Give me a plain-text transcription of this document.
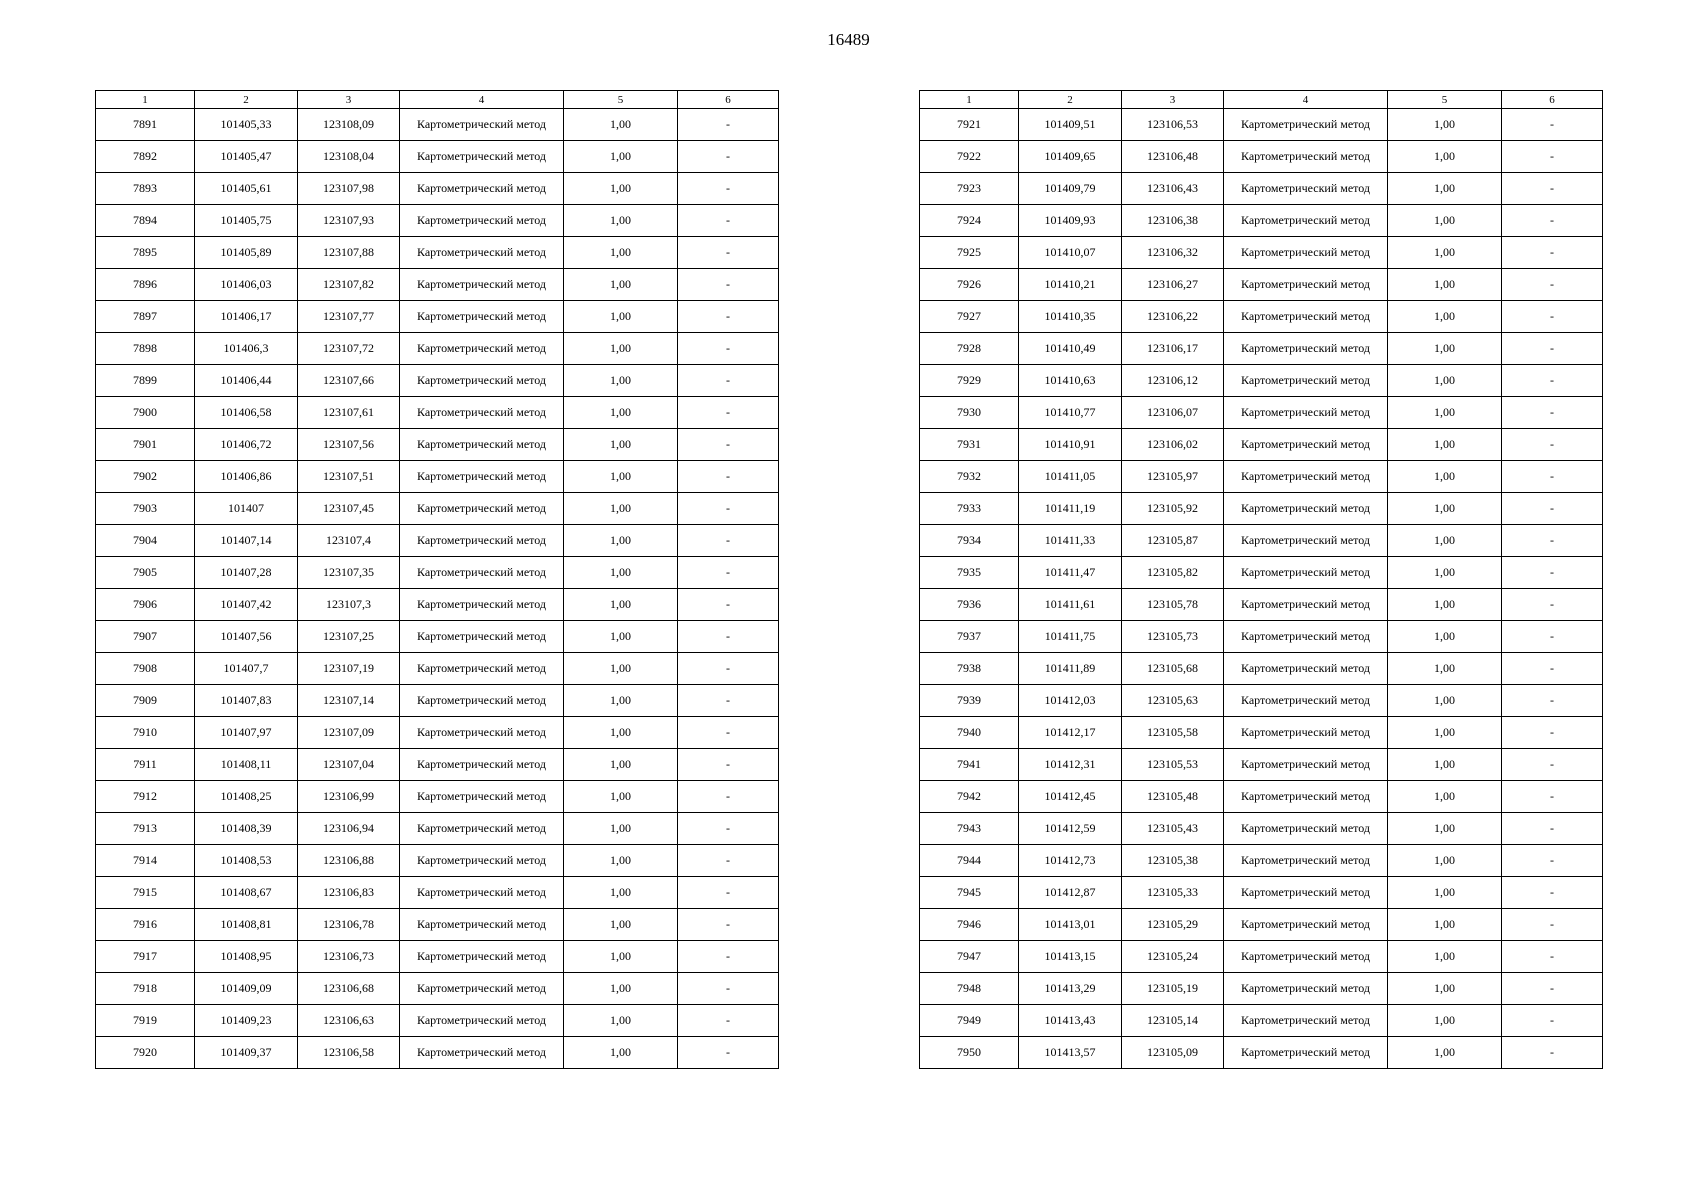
16489
1	2	3	4	5	6
7891	101405,33	123108,09	Картометрический метод	1,00	-
7892	101405,47	123108,04	Картометрический метод	1,00	-
7893	101405,61	123107,98	Картометрический метод	1,00	-
7894	101405,75	123107,93	Картометрический метод	1,00	-
7895	101405,89	123107,88	Картометрический метод	1,00	-
7896	101406,03	123107,82	Картометрический метод	1,00	-
7897	101406,17	123107,77	Картометрический метод	1,00	-
7898	101406,3	123107,72	Картометрический метод	1,00	-
7899	101406,44	123107,66	Картометрический метод	1,00	-
7900	101406,58	123107,61	Картометрический метод	1,00	-
7901	101406,72	123107,56	Картометрический метод	1,00	-
7902	101406,86	123107,51	Картометрический метод	1,00	-
7903	101407	123107,45	Картометрический метод	1,00	-
7904	101407,14	123107,4	Картометрический метод	1,00	-
7905	101407,28	123107,35	Картометрический метод	1,00	-
7906	101407,42	123107,3	Картометрический метод	1,00	-
7907	101407,56	123107,25	Картометрический метод	1,00	-
7908	101407,7	123107,19	Картометрический метод	1,00	-
7909	101407,83	123107,14	Картометрический метод	1,00	-
7910	101407,97	123107,09	Картометрический метод	1,00	-
7911	101408,11	123107,04	Картометрический метод	1,00	-
7912	101408,25	123106,99	Картометрический метод	1,00	-
7913	101408,39	123106,94	Картометрический метод	1,00	-
7914	101408,53	123106,88	Картометрический метод	1,00	-
7915	101408,67	123106,83	Картометрический метод	1,00	-
7916	101408,81	123106,78	Картометрический метод	1,00	-
7917	101408,95	123106,73	Картометрический метод	1,00	-
7918	101409,09	123106,68	Картометрический метод	1,00	-
7919	101409,23	123106,63	Картометрический метод	1,00	-
7920	101409,37	123106,58	Картометрический метод	1,00	-
1	2	3	4	5	6
7921	101409,51	123106,53	Картометрический метод	1,00	-
7922	101409,65	123106,48	Картометрический метод	1,00	-
7923	101409,79	123106,43	Картометрический метод	1,00	-
7924	101409,93	123106,38	Картометрический метод	1,00	-
7925	101410,07	123106,32	Картометрический метод	1,00	-
7926	101410,21	123106,27	Картометрический метод	1,00	-
7927	101410,35	123106,22	Картометрический метод	1,00	-
7928	101410,49	123106,17	Картометрический метод	1,00	-
7929	101410,63	123106,12	Картометрический метод	1,00	-
7930	101410,77	123106,07	Картометрический метод	1,00	-
7931	101410,91	123106,02	Картометрический метод	1,00	-
7932	101411,05	123105,97	Картометрический метод	1,00	-
7933	101411,19	123105,92	Картометрический метод	1,00	-
7934	101411,33	123105,87	Картометрический метод	1,00	-
7935	101411,47	123105,82	Картометрический метод	1,00	-
7936	101411,61	123105,78	Картометрический метод	1,00	-
7937	101411,75	123105,73	Картометрический метод	1,00	-
7938	101411,89	123105,68	Картометрический метод	1,00	-
7939	101412,03	123105,63	Картометрический метод	1,00	-
7940	101412,17	123105,58	Картометрический метод	1,00	-
7941	101412,31	123105,53	Картометрический метод	1,00	-
7942	101412,45	123105,48	Картометрический метод	1,00	-
7943	101412,59	123105,43	Картометрический метод	1,00	-
7944	101412,73	123105,38	Картометрический метод	1,00	-
7945	101412,87	123105,33	Картометрический метод	1,00	-
7946	101413,01	123105,29	Картометрический метод	1,00	-
7947	101413,15	123105,24	Картометрический метод	1,00	-
7948	101413,29	123105,19	Картометрический метод	1,00	-
7949	101413,43	123105,14	Картометрический метод	1,00	-
7950	101413,57	123105,09	Картометрический метод	1,00	-
